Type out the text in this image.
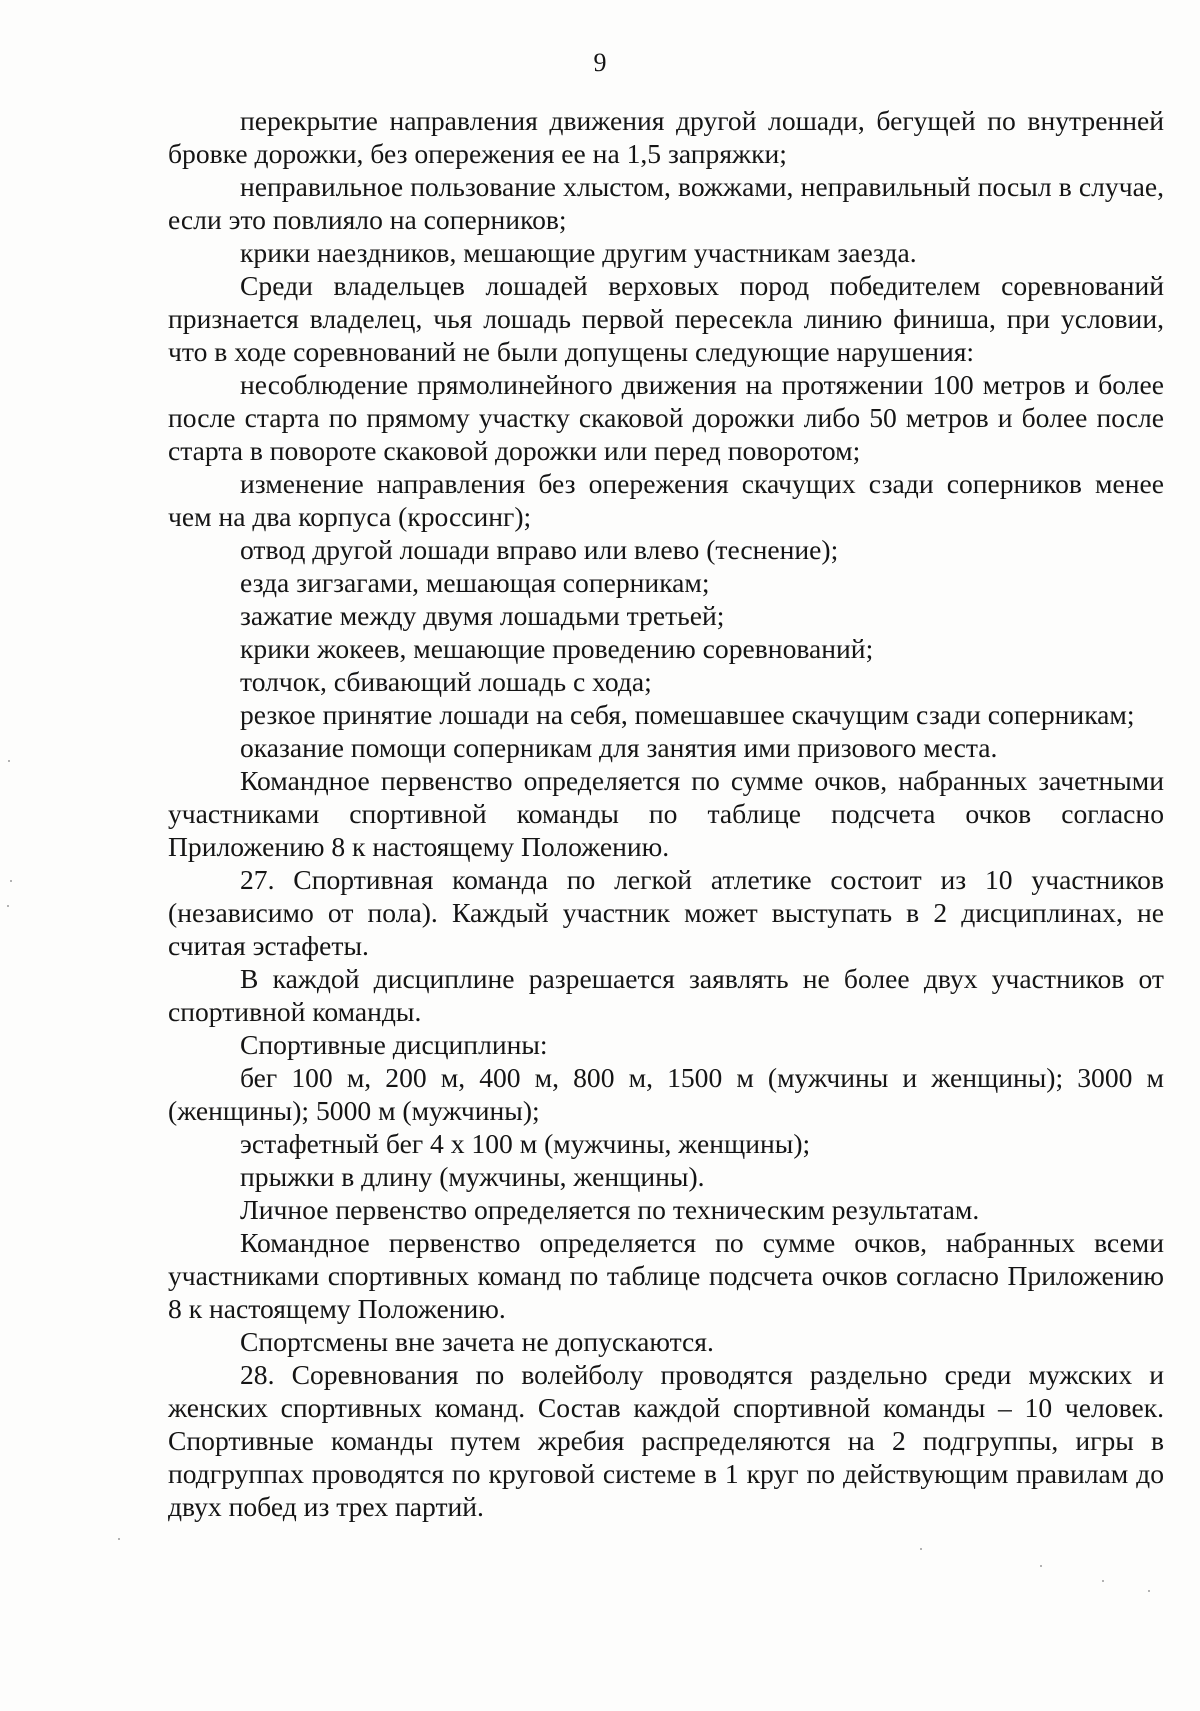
9

перекрытие направления движения другой лошади, бегущей по внутренней бровке дорожки, без опережения ее на 1,5 запряжки;

неправильное пользование хлыстом, вожжами, неправильный посыл в случае, если это повлияло на соперников;

крики наездников, мешающие другим участникам заезда.

Среди владельцев лошадей верховых пород победителем соревнований признается владелец, чья лошадь первой пересекла линию финиша, при условии, что в ходе соревнований не были допущены следующие нарушения:

несоблюдение прямолинейного движения на протяжении 100 метров и более после старта по прямому участку скаковой дорожки либо 50 метров и более после старта в повороте скаковой дорожки или перед поворотом;

изменение направления без опережения скачущих сзади соперников менее чем на два корпуса (кроссинг);

отвод другой лошади вправо или влево (теснение);

езда зигзагами, мешающая соперникам;

зажатие между двумя лошадьми третьей;

крики жокеев, мешающие проведению соревнований;

толчок, сбивающий лошадь с хода;

резкое принятие лошади на себя, помешавшее скачущим сзади соперникам;

оказание помощи соперникам для занятия ими призового места.

Командное первенство определяется по сумме очков, набранных зачетными участниками спортивной команды по таблице подсчета очков согласно Приложению 8 к настоящему Положению.

27. Спортивная команда по легкой атлетике состоит из 10 участников (независимо от пола). Каждый участник может выступать в 2 дисциплинах, не считая эстафеты.

В каждой дисциплине разрешается заявлять не более двух участников от спортивной команды.

Спортивные дисциплины:

бег 100 м, 200 м, 400 м, 800 м, 1500 м (мужчины и женщины); 3000 м (женщины); 5000 м (мужчины);

эстафетный бег 4 х 100 м (мужчины, женщины);

прыжки в длину (мужчины, женщины).

Личное первенство определяется по техническим результатам.

Командное первенство определяется по сумме очков, набранных всеми участниками спортивных команд по таблице подсчета очков согласно Приложению 8 к настоящему Положению.

Спортсмены вне зачета не допускаются.

28. Соревнования по волейболу проводятся раздельно среди мужских и женских спортивных команд. Состав каждой спортивной команды – 10 человек. Спортивные команды путем жребия распределяются на 2 подгруппы, игры в подгруппах проводятся по круговой системе в 1 круг по действующим правилам до двух побед из трех партий.
